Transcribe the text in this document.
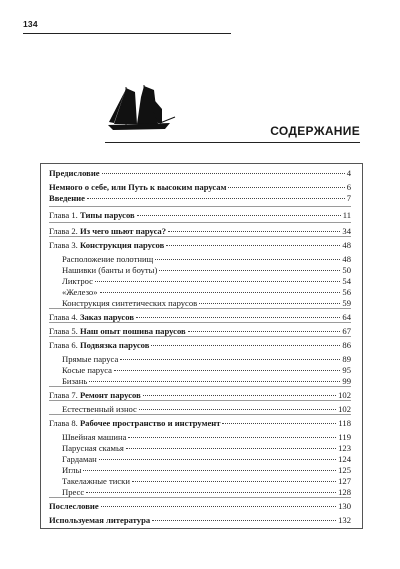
134
СОДЕРЖАНИЕ
Предисловие	4
Немного о себе, или Путь к высоким парусам	6
Введение	7
Глава 1. Типы парусов	11
Глава 2. Из чего шьют парусa?	34
Глава 3. Конструкция парусов	48
Расположение полотнищ	48
Нашивки (банты и боуты)	50
Ликтрос	54
«Железо»	56
Конструкция синтетических парусов	59
Глава 4. Заказ парусов	64
Глава 5. Наш опыт пошива парусов	67
Глава 6. Подвязка парусов	86
Прямые паруса	89
Косые паруса	95
Бизань	99
Глава 7. Ремонт парусов	102
Естественный износ	102
Глава 8. Рабочее пространство и инструмент	118
Швейная машина	119
Парусная скамья	123
Гардаман	124
Иглы	125
Такелажные тиски	127
Пресс	128
Послесловие	130
Используемая литература	132
